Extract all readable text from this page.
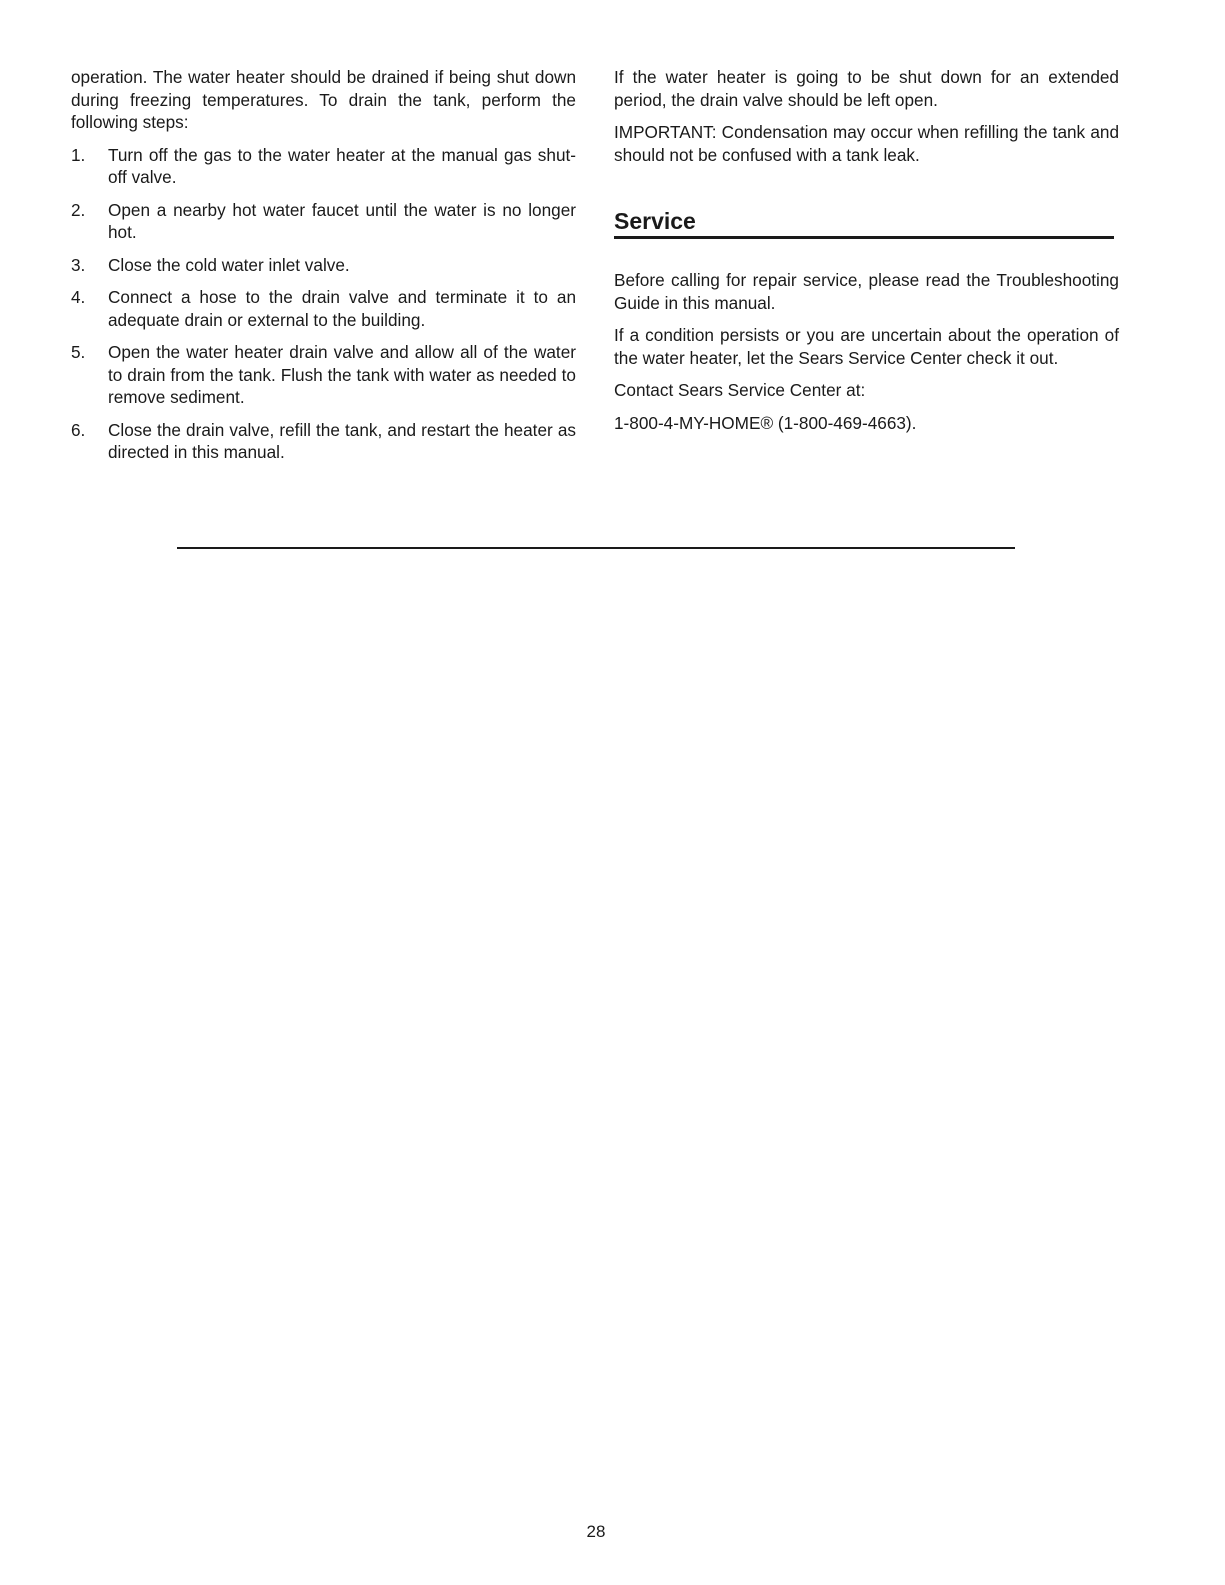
operation. The water heater should be drained if being shut down during freezing temperatures. To drain the tank, perform the following steps:

1. Turn off the gas to the water heater at the manual gas shut-off valve.
2. Open a nearby hot water faucet until the water is no longer hot.
3. Close the cold water inlet valve.
4. Connect a hose to the drain valve and terminate it to an adequate drain or external to the building.
5. Open the water heater drain valve and allow all of the water to drain from the tank. Flush the tank with water as needed to remove sediment.
6. Close the drain valve, refill the tank, and restart the heater as directed in this manual.

If the water heater is going to be shut down for an extended period, the drain valve should be left open.

IMPORTANT: Condensation may occur when refilling the tank and should not be confused with a tank leak.

Service

Before calling for repair service, please read the Troubleshooting Guide in this manual.

If a condition persists or you are uncertain about the operation of the water heater, let the Sears Service Center check it out.

Contact Sears Service Center at:

1-800-4-MY-HOME® (1-800-469-4663).

28
